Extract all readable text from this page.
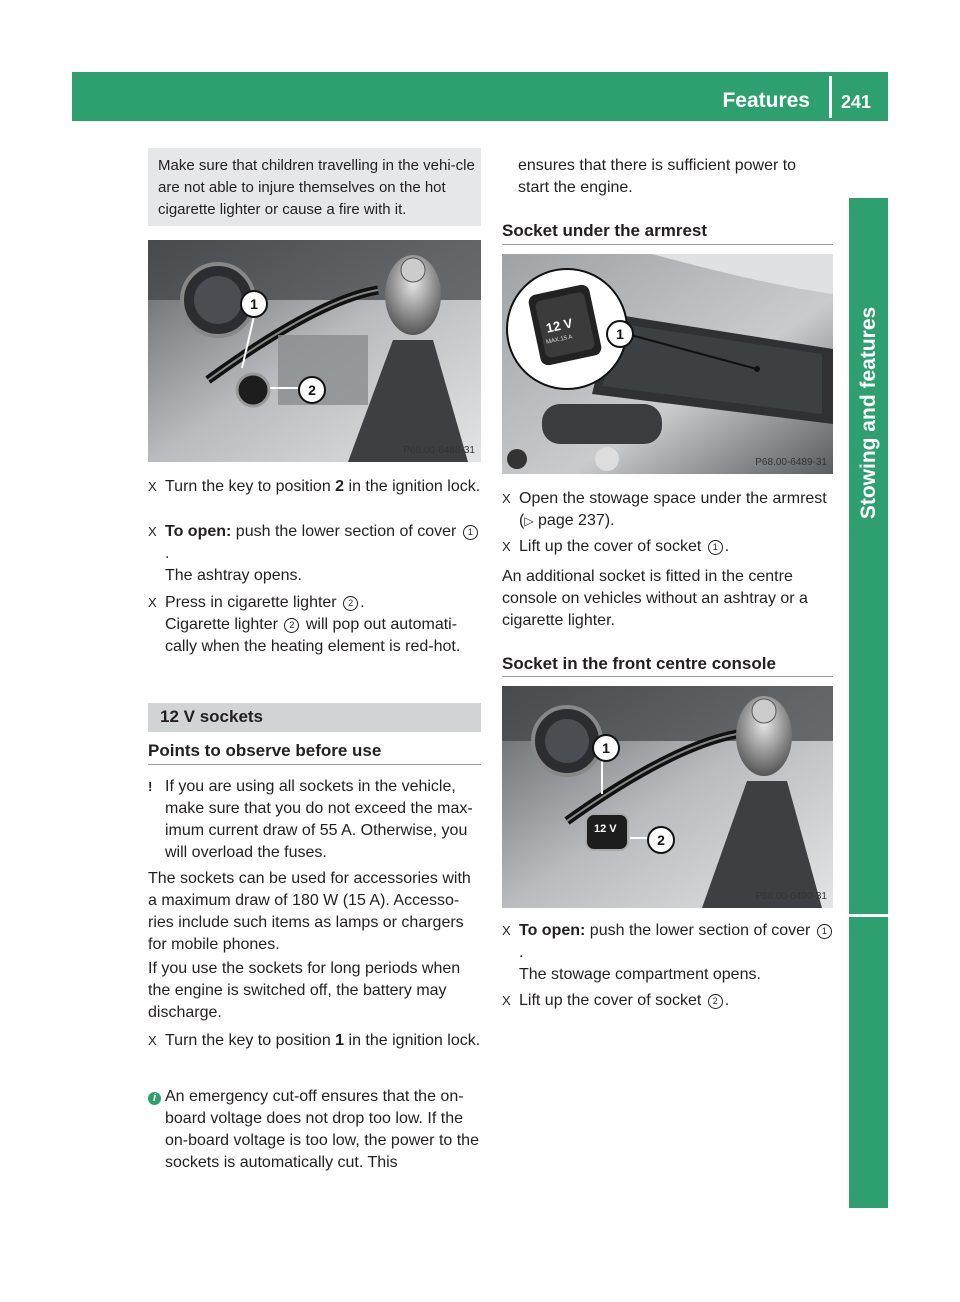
Features 241
Stowing and features
Make sure that children travelling in the vehi-cle are not able to injure themselves on the hot cigarette lighter or cause a fire with it.
1
2
P68.00-6488-31
X Turn the key to position 2 in the ignition lock.
X To open: push the lower section of cover 1.
The ashtray opens.
X Press in cigarette lighter 2 .
Cigarette lighter 2 will pop out automati-cally when the heating element is red-hot.
12 V sockets
Points to observe before use
! If you are using all sockets in the vehicle, make sure that you do not exceed the max-imum current draw of 55 A. Otherwise, you will overload the fuses.

The sockets can be used for accessories with a maximum draw of 180 W (15 A). Accesso-ries include such items as lamps or chargers for mobile phones.

If you use the sockets for long periods when the engine is switched off, the battery may discharge.

X Turn the key to position 1 in the ignition lock.
i An emergency cut-off ensures that the on-board voltage does not drop too low. If the on-board voltage is too low, the power to the sockets is automatically cut. This

ensures that there is sufficient power to start the engine.

Socket under the armrest
12 V
MAX.15 A	1
P68.00-6489-31
X Open the stowage space under the armrest
(▷ page 237).
X Lift up the cover of socket 1 .

An additional socket is fitted in the centre console on vehicles without an ashtray or a cigarette lighter.

Socket in the front centre console
12 V
1
2
P68.00-6490-31
X To open: push the lower section of cover 1.
The stowage compartment opens.
X Lift up the cover of socket 2 .
